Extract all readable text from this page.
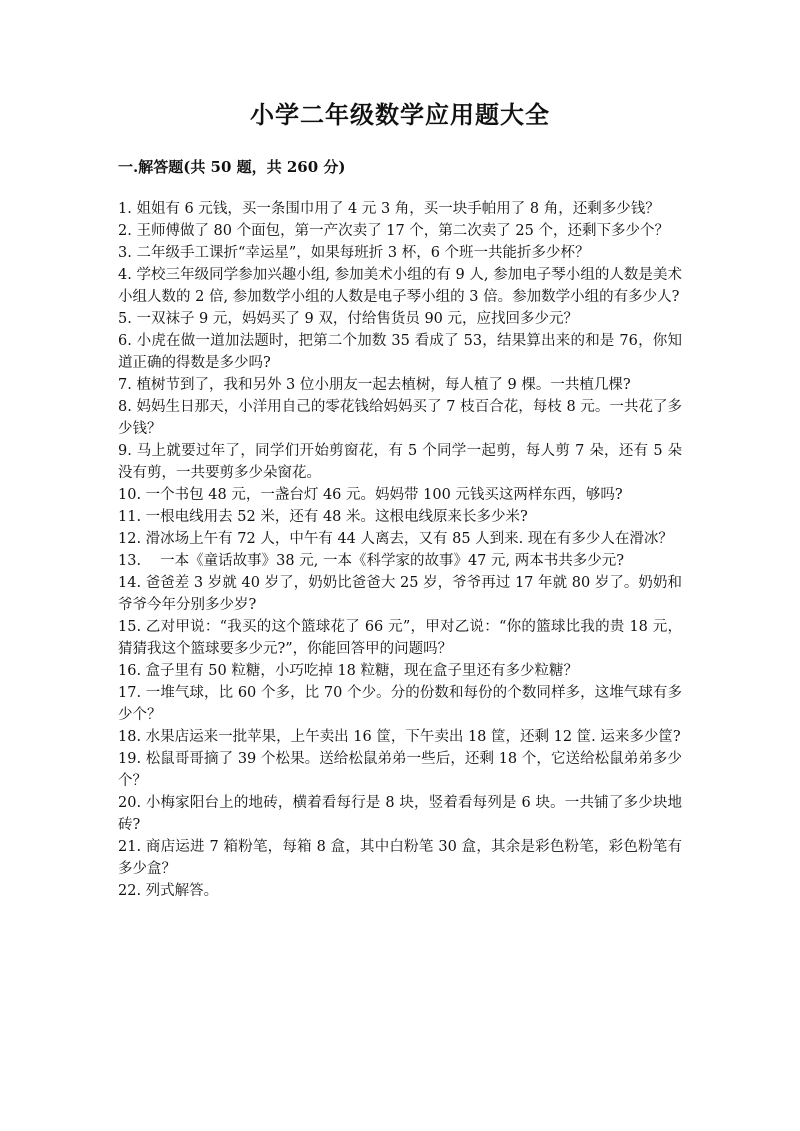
小学二年级数学应用题大全
一.解答题(共 50 题，共 260 分)
1. 姐姐有 6 元钱，买一条围巾用了 4 元 3 角，买一块手帕用了 8 角，还剩多少钱？
2. 王师傅做了 80 个面包，第一产次卖了 17 个，第二次卖了 25 个，还剩下多少个？
3. 二年级手工课折“幸运星”，如果每班折 3 杯，6 个班一共能折多少杯？
4. 学校三年级同学参加兴趣小组, 参加美术小组的有 9 人, 参加电子琴小组的人数是美术小组人数的 2 倍, 参加数学小组的人数是电子琴小组的 3 倍。参加数学小组的有多少人?
5. 一双袜子 9 元，妈妈买了 9 双，付给售货员 90 元，应找回多少元？
6. 小虎在做一道加法题时，把第二个加数 35 看成了 53，结果算出来的和是 76，你知道正确的得数是多少吗?
7. 植树节到了，我和另外 3 位小朋友一起去植树，每人植了 9 棵。一共植几棵?
8. 妈妈生日那天，小洋用自己的零花钱给妈妈买了 7 枝百合花，每枝 8 元。一共花了多少钱？
9. 马上就要过年了，同学们开始剪窗花，有 5 个同学一起剪，每人剪 7 朵，还有 5 朵没有剪，一共要剪多少朵窗花。
10. 一个书包 48 元，一盏台灯 46 元。妈妈带 100 元钱买这两样东西，够吗?
11. 一根电线用去 52 米，还有 48 米。这根电线原来长多少米?
12. 滑冰场上午有 72 人，中午有 44 人离去，又有 85 人到来. 现在有多少人在滑冰？
13.　 一本《童话故事》38 元, 一本《科学家的故事》47 元, 两本书共多少元?
14. 爸爸差 3 岁就 40 岁了，奶奶比爸爸大 25 岁，爷爷再过 17 年就 80 岁了。奶奶和爷爷今年分别多少岁?
15. 乙对甲说：“我买的这个篮球花了 66 元”，甲对乙说：“你的篮球比我的贵 18 元，猜猜我这个篮球要多少元?”，你能回答甲的问题吗？
16. 盒子里有 50 粒糖，小巧吃掉 18 粒糖，现在盒子里还有多少粒糖？
17. 一堆气球，比 60 个多，比 70 个少。分的份数和每份的个数同样多，这堆气球有多少个？
18. 水果店运来一批苹果，上午卖出 16 筐，下午卖出 18 筐，还剩 12 筐. 运来多少筐?
19. 松鼠哥哥摘了 39 个松果。送给松鼠弟弟一些后，还剩 18 个，它送给松鼠弟弟多少个？
20. 小梅家阳台上的地砖，横着看每行是 8 块，竖着看每列是 6 块。一共铺了多少块地砖?
21. 商店运进 7 箱粉笔，每箱 8 盒，其中白粉笔 30 盒，其余是彩色粉笔，彩色粉笔有多少盒？
22. 列式解答。
